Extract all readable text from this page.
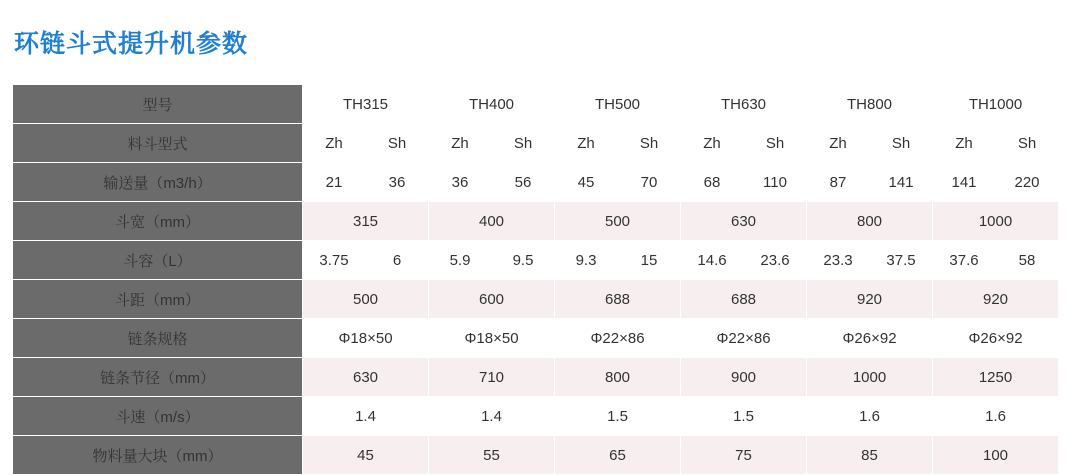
环链斗式提升机参数
型号	TH315		TH400		TH500		TH630		TH800		TH1000	
料斗型式	Zh	Sh	Zh	Sh	Zh	Sh	Zh	Sh	Zh	Sh	Zh	Sh
输送量（m3/h）	21	36	36	56	45	70	68	110	87	141	141	220
斗宽（mm）	315		400		500		630		800		1000	
斗容（L）	3.75	6	5.9	9.5	9.3	15	14.6	23.6	23.3	37.5	37.6	58
斗距（mm）	500		600		688		688		920		920	
链条规格	Φ18×50		Φ18×50		Φ22×86		Φ22×86		Φ26×92		Φ26×92	
链条节径（mm）	630		710		800		900		1000		1250	
斗速（m/s）	1.4		1.4		1.5		1.5		1.6		1.6	
物料量大块（mm）	45		55		65		75		85		100	
